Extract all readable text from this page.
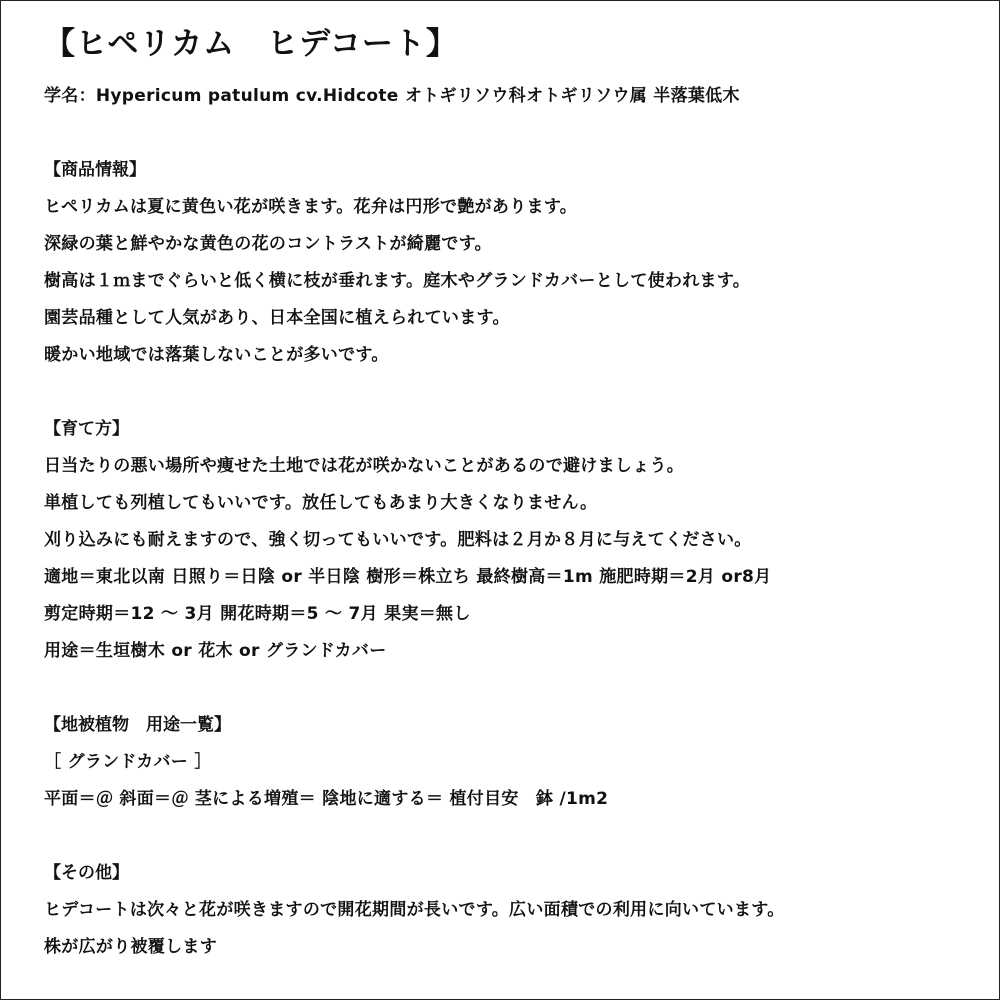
【ヒペリカム　ヒデコート】
学名：Hypericum patulum cv.Hidcote オトギリソウ科オトギリソウ属 半落葉低木
【商品情報】
ヒペリカムは夏に黄色い花が咲きます。花弁は円形で艶があります。
深緑の葉と鮮やかな黄色の花のコントラストが綺麗です。
樹高は１ｍまでぐらいと低く横に枝が垂れます。庭木やグランドカバーとして使われます。
園芸品種として人気があり、日本全国に植えられています。
暖かい地域では落葉しないことが多いです。
【育て方】
日当たりの悪い場所や痩せた土地では花が咲かないことがあるので避けましょう。
単植しても列植してもいいです。放任してもあまり大きくなりません。
刈り込みにも耐えますので、強く切ってもいいです。肥料は２月か８月に与えてください。
適地＝東北以南 日照り＝日陰 or 半日陰 樹形＝株立ち 最終樹高＝1m 施肥時期＝2月 or8月
剪定時期＝12 ～ 3月 開花時期＝5 ～ 7月 果実＝無し
用途＝生垣樹木 or 花木 or グランドカバー
【地被植物　用途一覧】
［ グランドカバー ］
平面＝＠ 斜面＝＠ 茎による増殖＝ 陰地に適する＝ 植付目安　鉢 /1m2
【その他】
ヒデコートは次々と花が咲きますので開花期間が長いです。広い面積での利用に向いています。
株が広がり被覆します
